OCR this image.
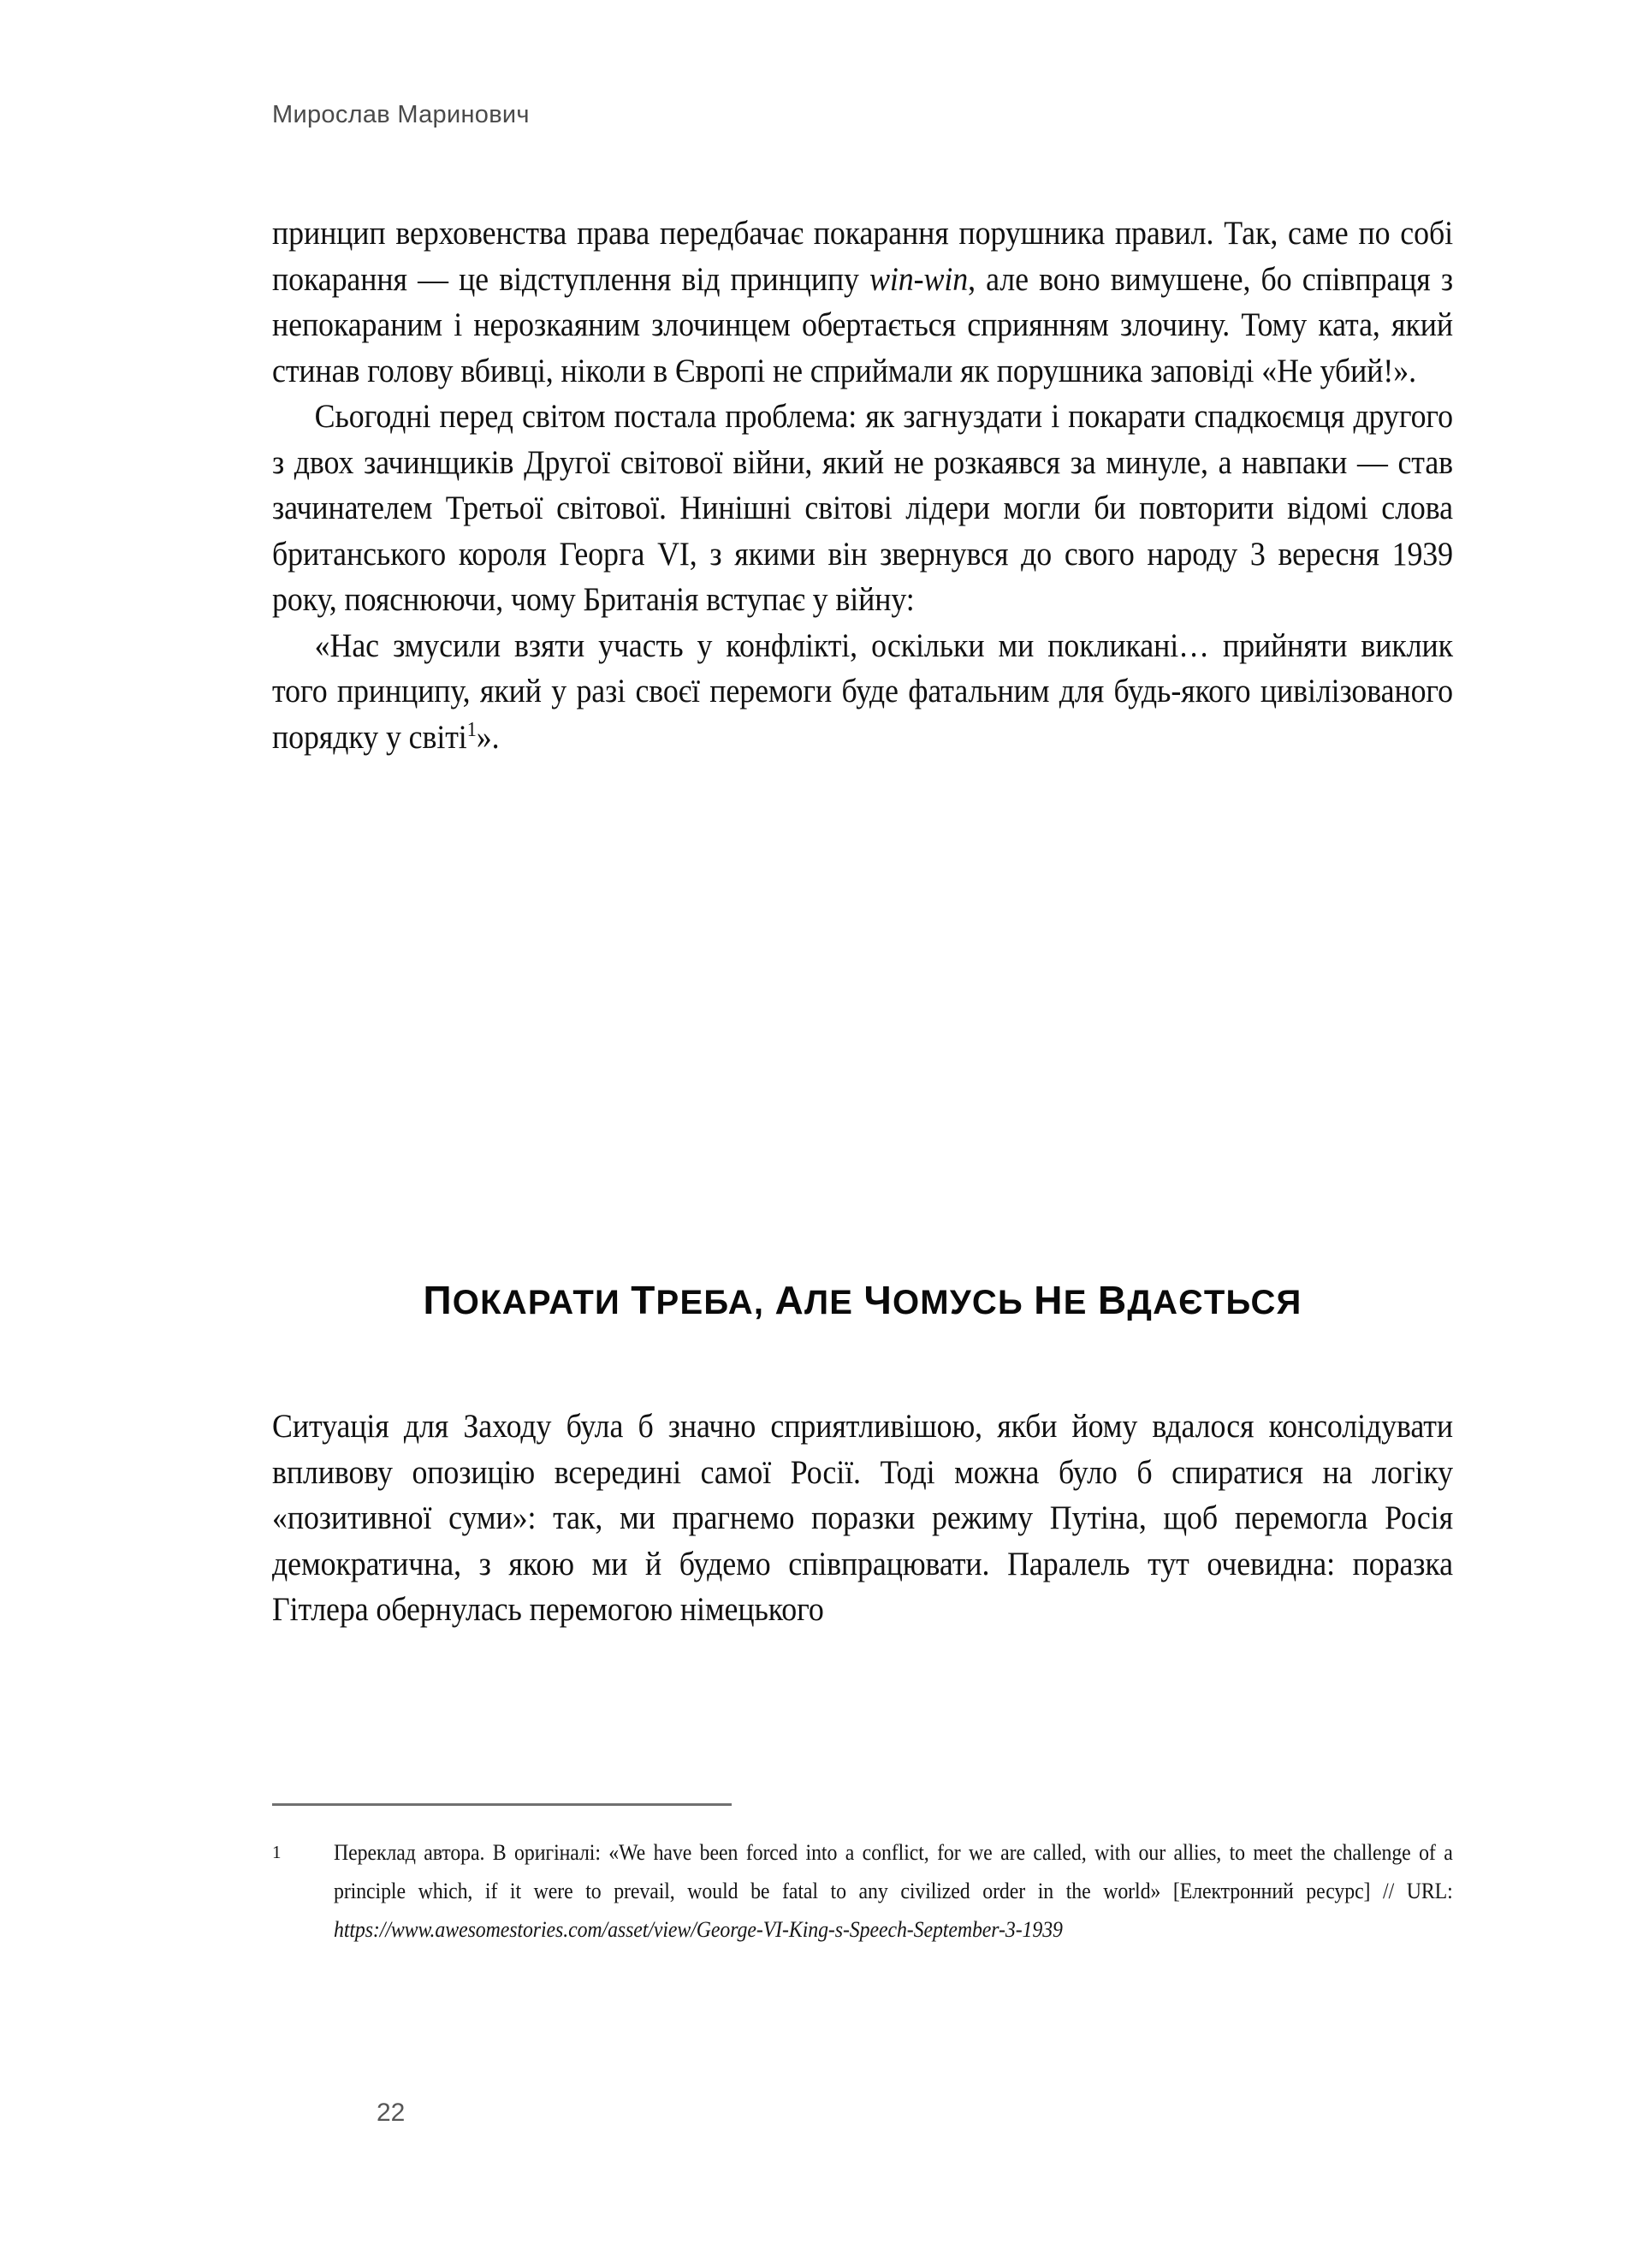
Мирослав Маринович

принцип верховенства права передбачає покарання порушника правил. Так, саме по собі покарання — це відступлення від принципу win-win, але воно вимушене, бо співпраця з непокараним і нерозкаяним злочинцем обертається сприянням злочину. Тому ката, який стинав голову вбивці, ніколи в Європі не сприймали як порушника заповіді «Не убий!».

Сьогодні перед світом постала проблема: як загнуздати і покарати спадкоємця другого з двох зачинщиків Другої світової війни, який не розкаявся за минуле, а навпаки — став зачинателем Третьої світової. Нинішні світові лідери могли би повторити відомі слова британського короля Георга VI, з якими він звернувся до свого народу 3 вересня 1939 року, пояснюючи, чому Британія вступає у війну:

«Нас змусили взяти участь у конфлікті, оскільки ми покликані… прийняти виклик того принципу, який у разі своєї перемоги буде фатальним для будь-якого цивілізованого порядку у світі$^1$».

ПОКАРАТИ ТРЕБА, АЛЕ ЧОМУСЬ НЕ ВДАЄТЬСЯ

Ситуація для Заходу була б значно сприятливішою, якби йому вдалося консолідувати впливову опозицію всередині самої Росії. Тоді можна було б спиратися на логіку «позитивної суми»: так, ми прагнемо поразки режиму Путіна, щоб перемогла Росія демократична, з якою ми й будемо співпрацювати. Паралель тут очевидна: поразка Гітлера обернулась перемогою німецького

1 Переклад автора. В оригіналі: «We have been forced into a conflict, for we are called, with our allies, to meet the challenge of a principle which, if it were to prevail, would be fatal to any civilized order in the world» [Електронний ресурс] // URL: https://www.awesomestories.com/asset/view/George-VI-King-s-Speech-September-3-1939
22
